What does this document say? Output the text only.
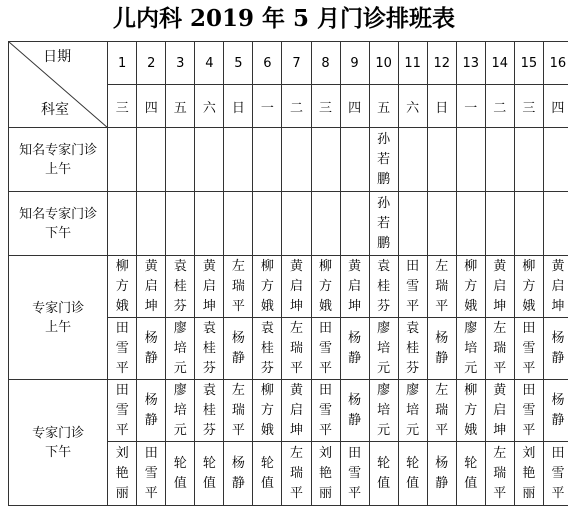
儿内科 2019 年 5 月门诊排班表
日期
科室	1	2	3	4	5	6	7	8	9	10	11	12	13	14	15	16
	三	四	五	六	日	一	二	三	四	五	六	日	一	二	三	四

知名专家门诊
上午										孙若鹏						

知名专家门诊
下午										孙若鹏						

专家门诊
上午	柳方娥	黄启坤	袁桂芬	黄启坤	左瑞平	柳方娥	黄启坤	柳方娥	黄启坤	袁桂芬	田雪平	左瑞平	柳方娥	黄启坤	柳方娥	黄启坤
	田雪平	杨静	廖培元	袁桂芬	杨静	袁桂芬	左瑞平	田雪平	杨静	廖培元	袁桂芬	杨静	廖培元	左瑞平	田雪平	杨静

专家门诊
下午	田雪平	杨静	廖培元	袁桂芬	左瑞平	柳方娥	黄启坤	田雪平	杨静	廖培元	廖培元	左瑞平	柳方娥	黄启坤	田雪平	杨静
	刘艳丽	田雪平	轮值	轮值	杨静	轮值	左瑞平	刘艳丽	田雪平	轮值	轮值	杨静	轮值	左瑞平	刘艳丽	田雪平
